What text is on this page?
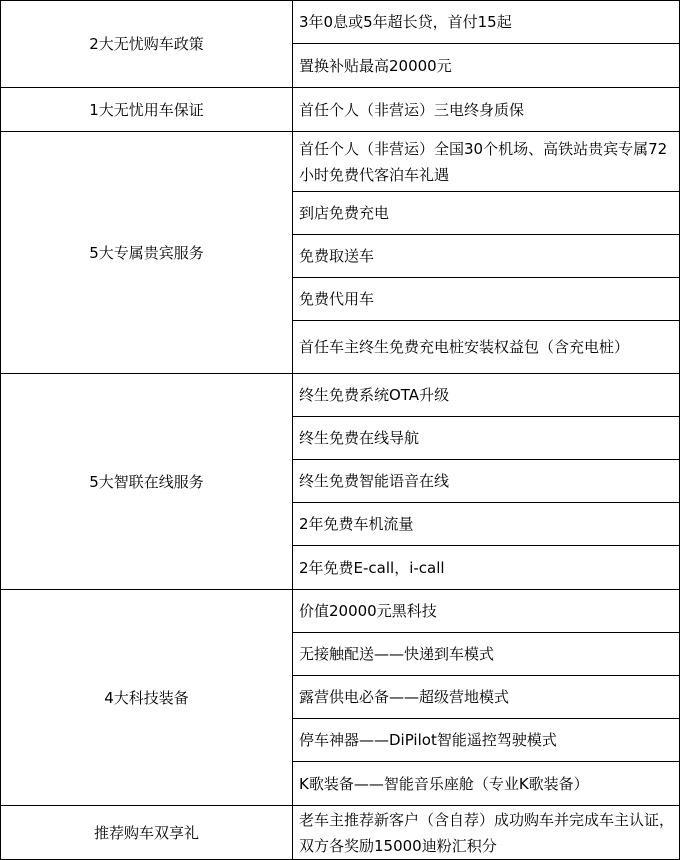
2大无忧购车政策	3年0息或5年超长贷，首付15起
	置换补贴最高20000元
1大无忧用车保证	首任个人（非营运）三电终身质保
5大专属贵宾服务	首任个人（非营运）全国30个机场、高铁站贵宾专属72小时免费代客泊车礼遇
	到店免费充电
	免费取送车
	免费代用车
	首任车主终生免费充电桩安装权益包（含充电桩）
5大智联在线服务	终生免费系统OTA升级
	终生免费在线导航
	终生免费智能语音在线
	2年免费车机流量
	2年免费E-call，i-call
4大科技装备	价值20000元黑科技
	无接触配送——快递到车模式
	露营供电必备——超级营地模式
	停车神器——DiPilot智能遥控驾驶模式
	K歌装备——智能音乐座舱（专业K歌装备）
推荐购车双享礼	老车主推荐新客户（含自荐）成功购车并完成车主认证，双方各奖励15000迪粉汇积分
